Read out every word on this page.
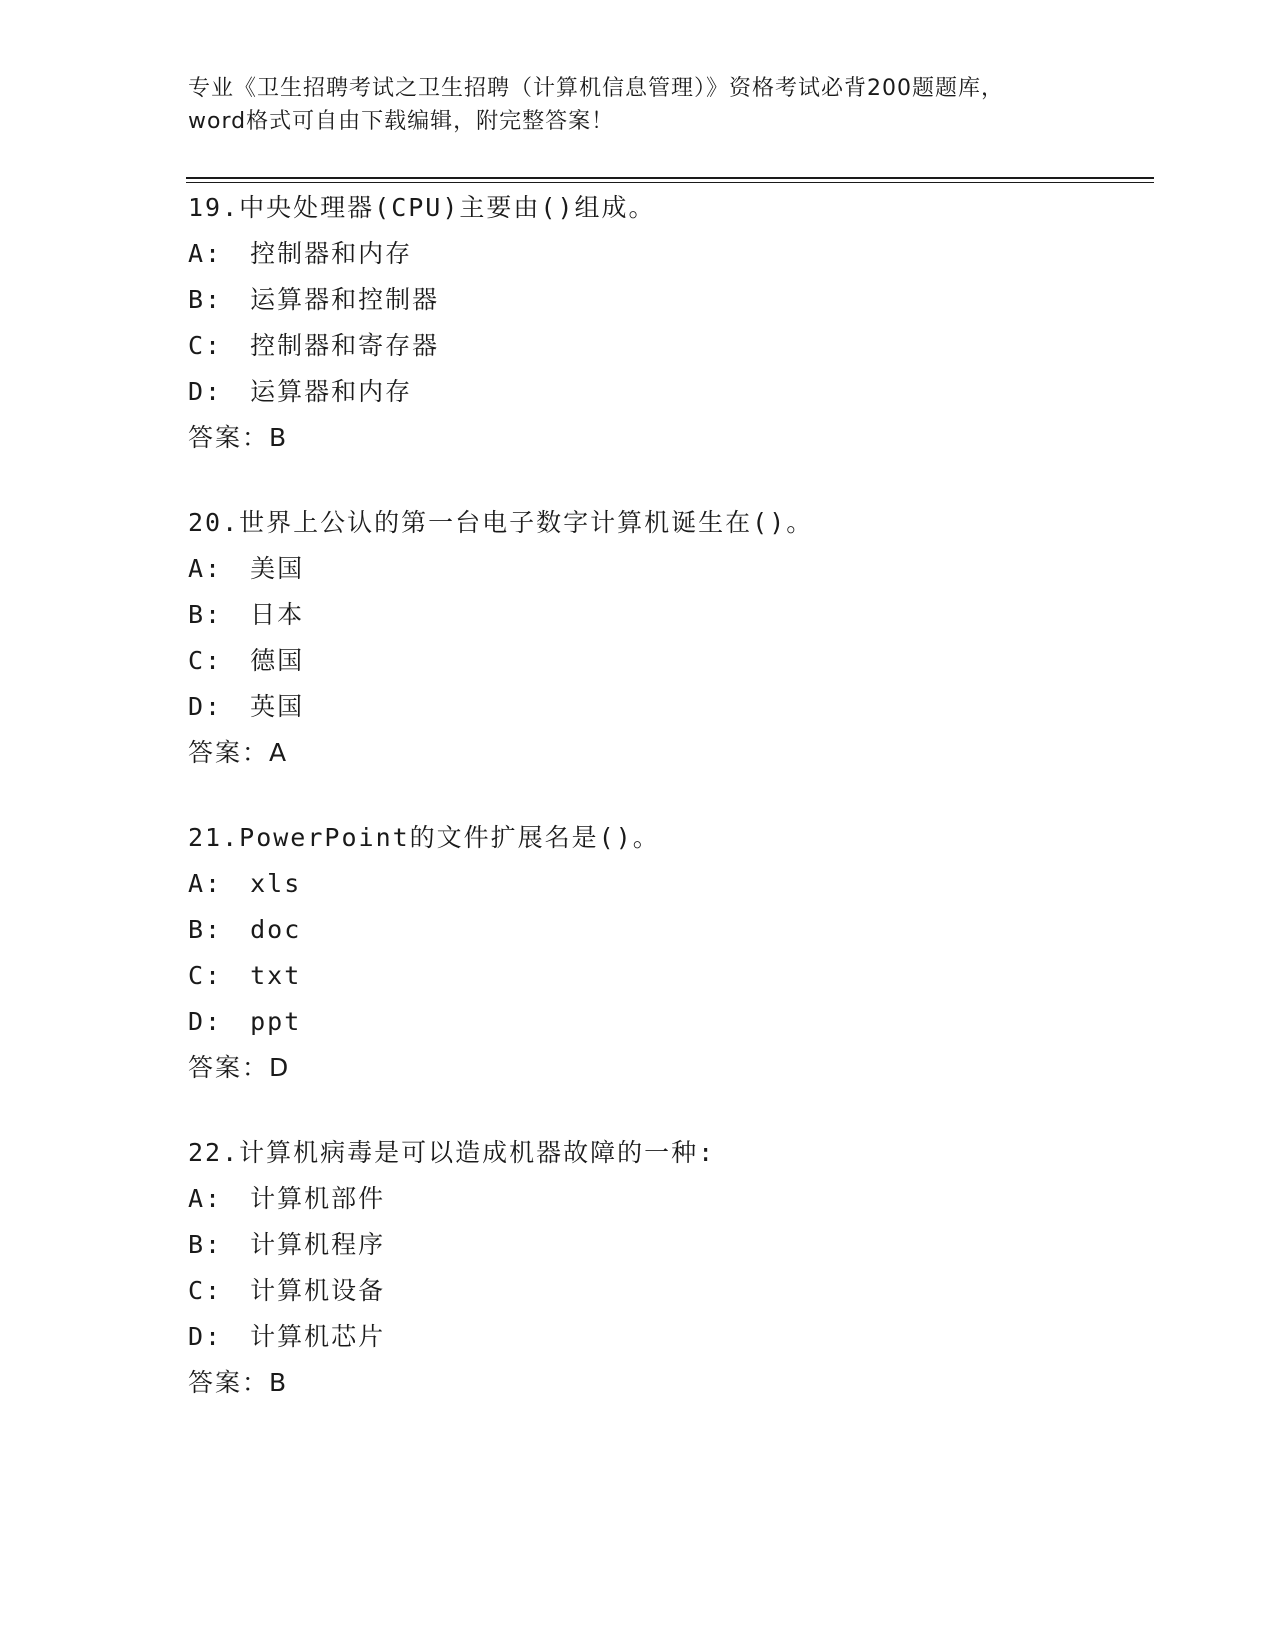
专业《卫生招聘考试之卫生招聘（计算机信息管理）》资格考试必背200题题库，
word格式可自由下载编辑，附完整答案！
19.中央处理器(CPU)主要由()组成。
A: 控制器和内存
B: 运算器和控制器
C: 控制器和寄存器
D: 运算器和内存
答案：B
20.世界上公认的第一台电子数字计算机诞生在()。
A: 美国
B: 日本
C: 德国
D: 英国
答案：A
21.PowerPoint的文件扩展名是()。
A: xls
B: doc
C: txt
D: ppt
答案：D
22.计算机病毒是可以造成机器故障的一种:
A: 计算机部件
B: 计算机程序
C: 计算机设备
D: 计算机芯片
答案：B
